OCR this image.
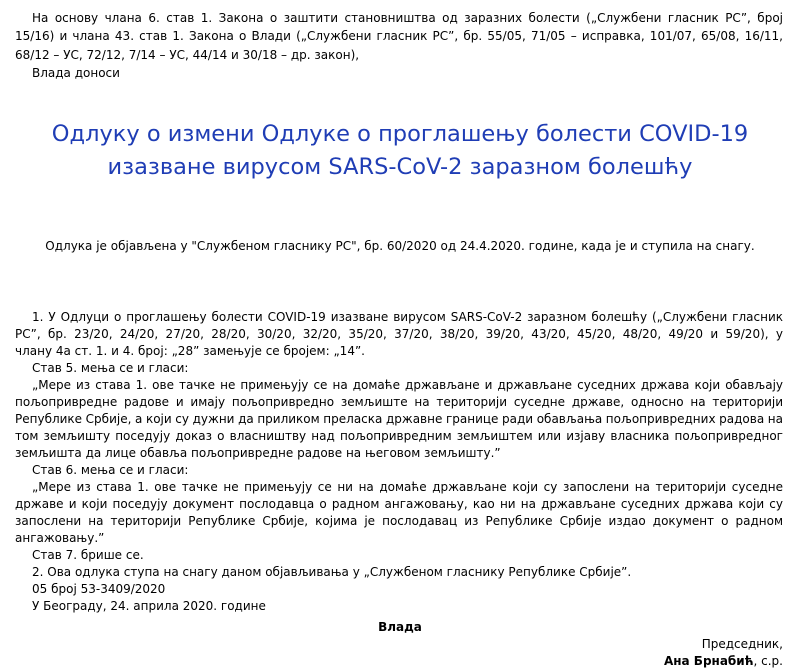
На основу члана 6. став 1. Закона о заштити становништва од заразних болести („Службени гласник РС”, број
15/16) и члана 43. став 1. Закона о Влади („Службени гласник РС”, бр. 55/05, 71/05 – исправка, 101/07, 65/08, 16/11,
68/12 – УС, 72/12, 7/14 – УС, 44/14 и 30/18 – др. закон),
Влада доноси
Одлуку о измени Одлуке о проглашењу болести COVID-19 изазване вирусом SARS-CoV-2 заразном болешћу

Одлука је објављена у "Службеном гласнику РС", бр. 60/2020 од 24.4.2020. године, када је и ступила на снагу.

1. У Одлуци о проглашењу болести COVID-19 изазване вирусом SARS-CoV-2 заразном болешћу („Службени гласник
РС”, бр. 23/20, 24/20, 27/20, 28/20, 30/20, 32/20, 35/20, 37/20, 38/20, 39/20, 43/20, 45/20, 48/20, 49/20 и 59/20), у
члану 4а ст. 1. и 4. број: „28” замењује се бројем: „14”.
Став 5. мења се и гласи:
„Мере из става 1. ове тачке не примењују се на домаће држављане и држављане суседних држава који обављају
пољопривредне радове и имају пољопривредно земљиште на територији суседне државе, односно на територији
Републике Србије, а који су дужни да приликом преласка државне границе ради обављања пољопривредних радова на
том земљишту поседују доказ о власништву над пољопривредним земљиштем или изјаву власника пољопривредног
земљишта да лице обавља пољопривредне радове на његовом земљишту.”
Став 6. мења се и гласи:
„Мере из става 1. ове тачке не примењују се ни на домаће држављане који су запослени на територији суседне
државе и који поседују документ послодавца о радном ангажовању, као ни на држављане суседних држава који су
запослени на територији Републике Србије, којима је послодавац из Републике Србије издао документ о радном
ангажовању.”
Став 7. брише се.
2. Ова одлука ступа на снагу даном објављивања у „Службеном гласнику Републике Србије”.
05 број 53-3409/2020
У Београду, 24. априла 2020. године
Влада
Председник,
Ана Брнабић, с.р.
